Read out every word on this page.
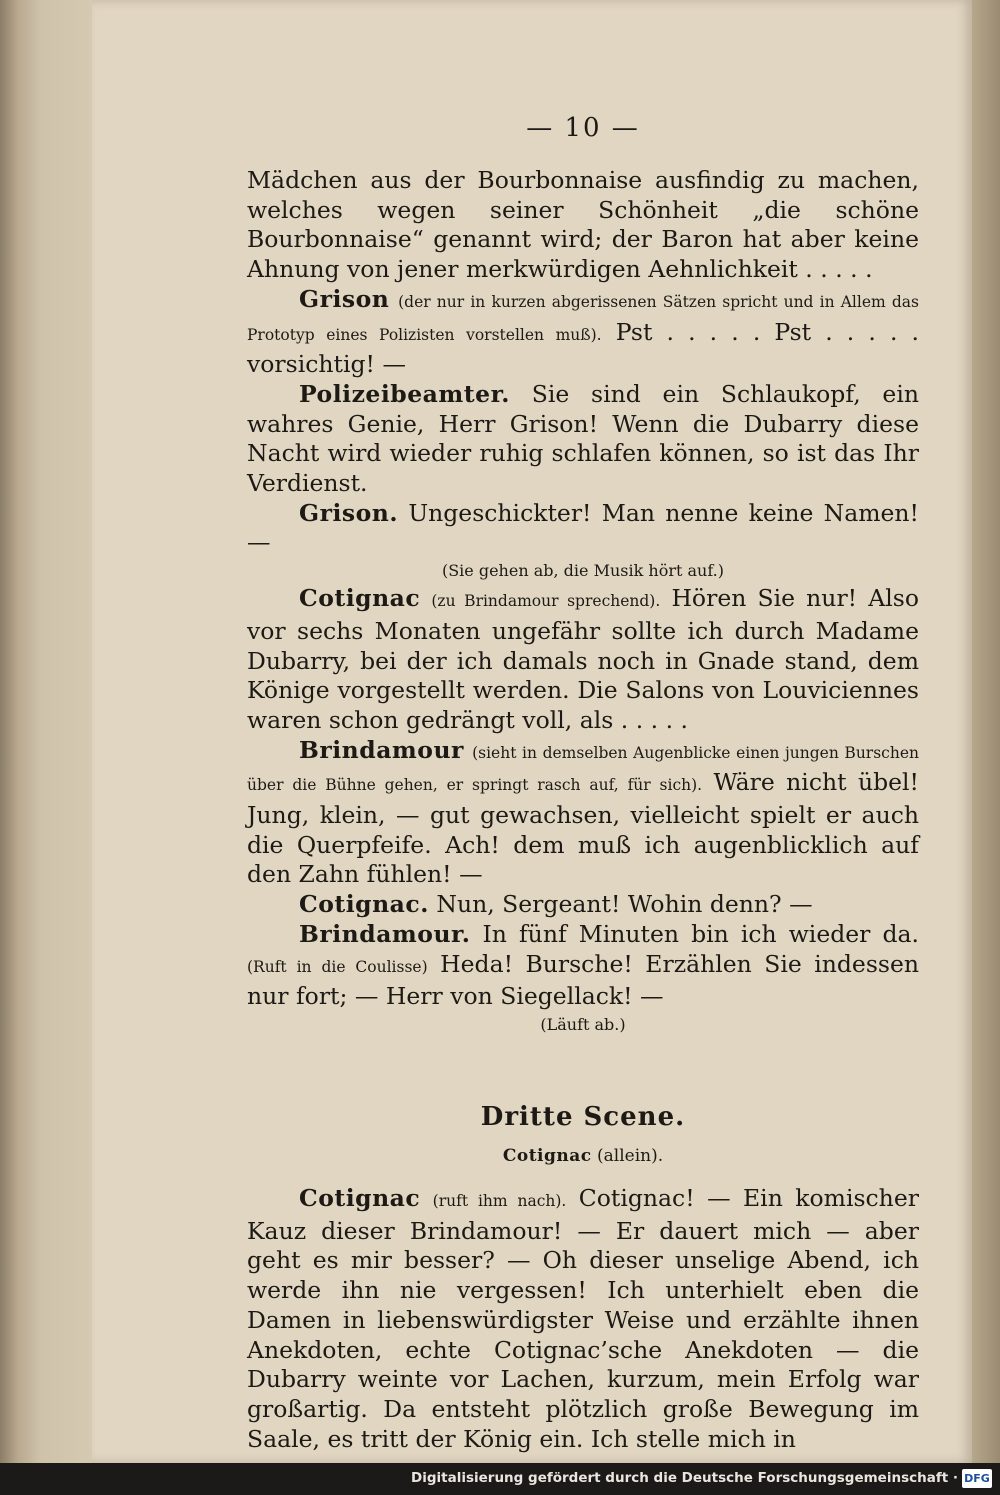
— 10 —

Mädchen aus der Bourbonnaise ausfindig zu machen, welches wegen seiner Schönheit „die schöne Bourbonnaise“ genannt wird; der Baron hat aber keine Ahnung von jener merkwürdigen Aehnlichkeit . . . . .

Grison (der nur in kurzen abgerissenen Sätzen spricht und in Allem das Prototyp eines Polizisten vorstellen muß). Pst . . . . . Pst . . . . . vorsichtig! —

Polizeibeamter. Sie sind ein Schlaukopf, ein wahres Genie, Herr Grison! Wenn die Dubarry diese Nacht wird wieder ruhig schlafen können, so ist das Ihr Verdienst.

Grison. Ungeschickter! Man nenne keine Namen! —

(Sie gehen ab, die Musik hört auf.)

Cotignac (zu Brindamour sprechend). Hören Sie nur! Also vor sechs Monaten ungefähr sollte ich durch Madame Dubarry, bei der ich damals noch in Gnade stand, dem Könige vorgestellt werden. Die Salons von Louviciennes waren schon gedrängt voll, als . . . . .

Brindamour (sieht in demselben Augenblicke einen jungen Burschen über die Bühne gehen, er springt rasch auf, für sich). Wäre nicht übel! Jung, klein, — gut gewachsen, vielleicht spielt er auch die Querpfeife. Ach! dem muß ich augenblicklich auf den Zahn fühlen! —

Cotignac. Nun, Sergeant! Wohin denn? —

Brindamour. In fünf Minuten bin ich wieder da. (Ruft in die Coulisse) Heda! Bursche! Erzählen Sie indessen nur fort; — Herr von Siegellack! —

(Läuft ab.)

Dritte Scene.
Cotignac (allein).

Cotignac (ruft ihm nach). Cotignac! — Ein komischer Kauz dieser Brindamour! — Er dauert mich — aber geht es mir besser? — Oh dieser unselige Abend, ich werde ihn nie vergessen! Ich unterhielt eben die Damen in liebenswürdigster Weise und erzählte ihnen Anekdoten, echte Cotignac’sche Anekdoten — die Dubarry weinte vor Lachen, kurzum, mein Erfolg war großartig. Da entsteht plötzlich große Bewegung im Saale, es tritt der König ein. Ich stelle mich in

Digitalisierung gefördert durch die Deutsche Forschungsgemeinschaft · DFG
